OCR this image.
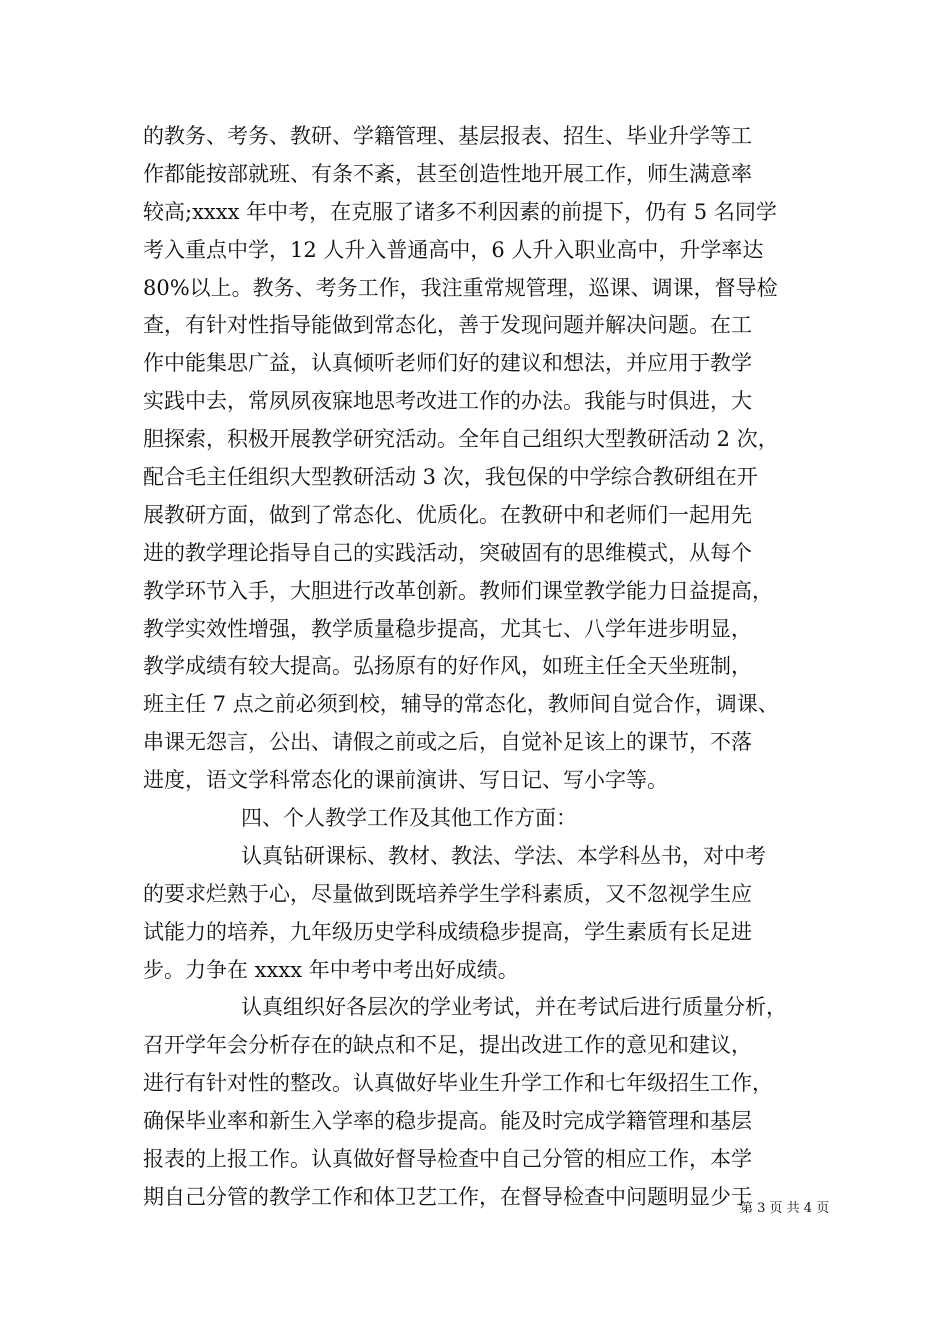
的教务、考务、教研、学籍管理、基层报表、招生、毕业升学等工
作都能按部就班、有条不紊，甚至创造性地开展工作，师生满意率
较高;xxxx 年中考，在克服了诸多不利因素的前提下，仍有 5 名同学
考入重点中学，12 人升入普通高中，6 人升入职业高中，升学率达
80%以上。教务、考务工作，我注重常规管理，巡课、调课，督导检
查，有针对性指导能做到常态化，善于发现问题并解决问题。在工
作中能集思广益，认真倾听老师们好的建议和想法，并应用于教学
实践中去，常夙夙夜寐地思考改进工作的办法。我能与时俱进，大
胆探索，积极开展教学研究活动。全年自己组织大型教研活动 2 次，
配合毛主任组织大型教研活动 3 次，我包保的中学综合教研组在开
展教研方面，做到了常态化、优质化。在教研中和老师们一起用先
进的教学理论指导自己的实践活动，突破固有的思维模式，从每个
教学环节入手，大胆进行改革创新。教师们课堂教学能力日益提高，
教学实效性增强，教学质量稳步提高，尤其七、八学年进步明显，
教学成绩有较大提高。弘扬原有的好作风，如班主任全天坐班制，
班主任 7 点之前必须到校，辅导的常态化，教师间自觉合作，调课、
串课无怨言，公出、请假之前或之后，自觉补足该上的课节，不落
进度，语文学科常态化的课前演讲、写日记、写小字等。
四、个人教学工作及其他工作方面：
认真钻研课标、教材、教法、学法、本学科丛书，对中考
的要求烂熟于心，尽量做到既培养学生学科素质，又不忽视学生应
试能力的培养，九年级历史学科成绩稳步提高，学生素质有长足进
步。力争在 xxxx 年中考中考出好成绩。
认真组织好各层次的学业考试，并在考试后进行质量分析，
召开学年会分析存在的缺点和不足，提出改进工作的意见和建议，
进行有针对性的整改。认真做好毕业生升学工作和七年级招生工作，
确保毕业率和新生入学率的稳步提高。能及时完成学籍管理和基层
报表的上报工作。认真做好督导检查中自己分管的相应工作，本学
期自己分管的教学工作和体卫艺工作，在督导检查中问题明显少于
第 3 页 共 4 页
